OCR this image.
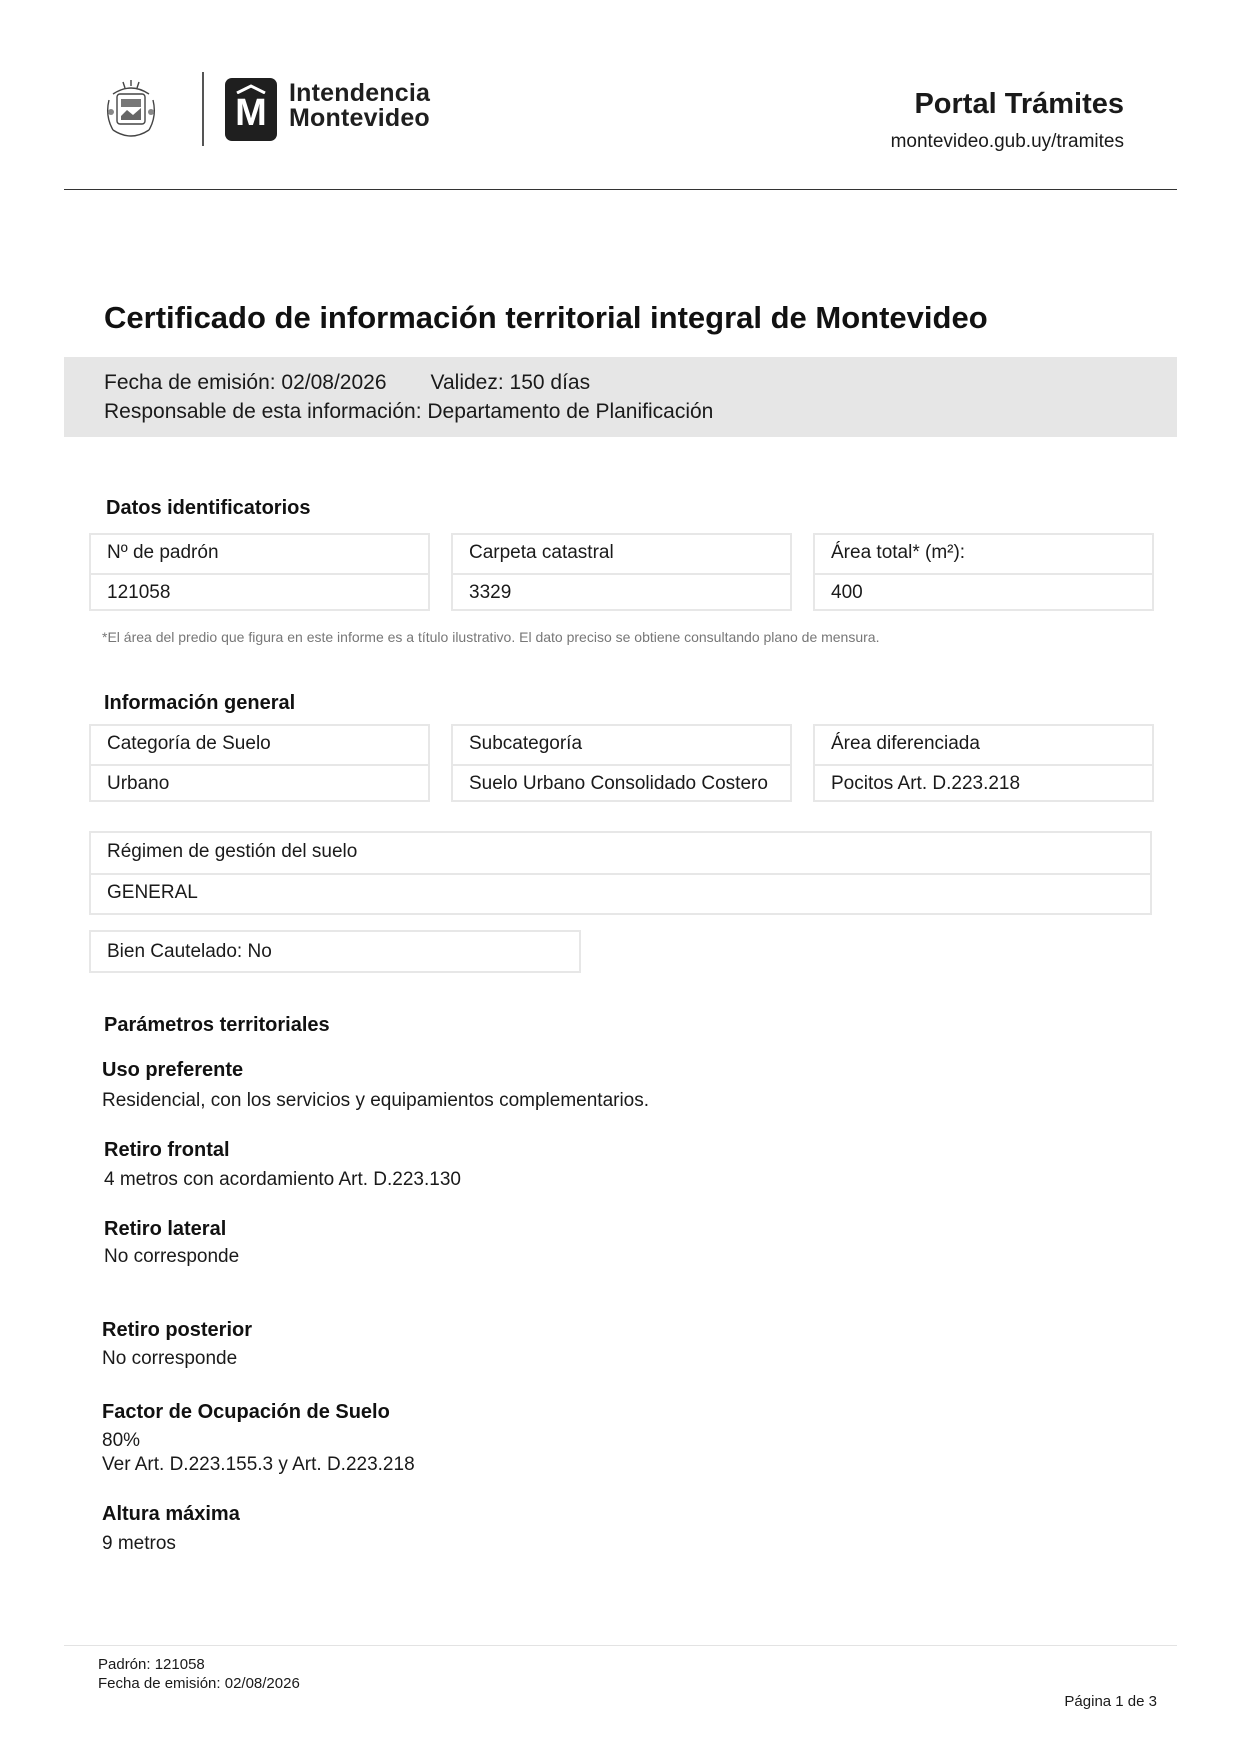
M Intendencia
Montevideo	Portal Trámites
montevideo.gub.uy/tramites
Certificado de información territorial integral de Montevideo
Fecha de emisión: 02/08/2026 Validez: 150 días
Responsable de esta información: Departamento de Planificación
Datos identificatorios
Nº de padrón
121058
Carpeta catastral
3329
Área total* (m²):
400
*El área del predio que figura en este informe es a título ilustrativo. El dato preciso se obtiene consultando plano de mensura.
Información general
Categoría de Suelo
Urbano
Subcategoría
Suelo Urbano Consolidado Costero
Área diferenciada
Pocitos Art. D.223.218
Régimen de gestión del suelo
GENERAL
Bien Cautelado: No
Parámetros territoriales
Uso preferente
Residencial, con los servicios y equipamientos complementarios.
Retiro frontal
4 metros con acordamiento Art. D.223.130
Retiro lateral
No corresponde
Retiro posterior
No corresponde
Factor de Ocupación de Suelo
80%
Ver Art. D.223.155.3 y Art. D.223.218
Altura máxima
9 metros
Padrón: 121058
Fecha de emisión: 02/08/2026
Página 1 de 3
